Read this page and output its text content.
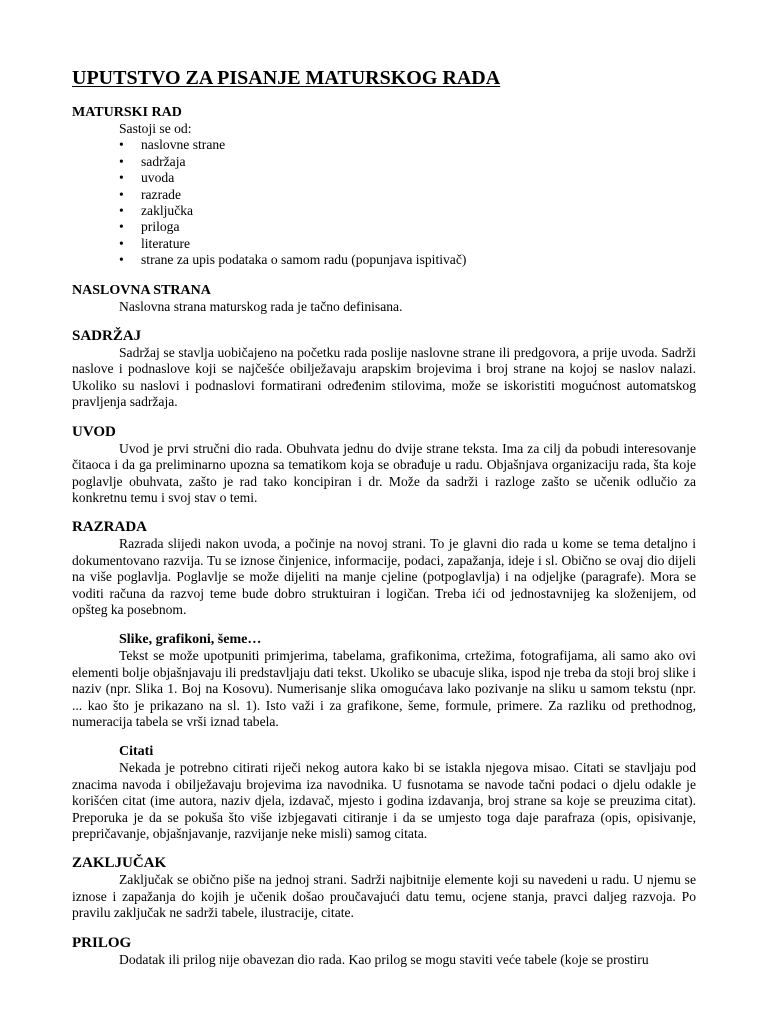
UPUTSTVO ZA PISANJE MATURSKOG RADA
MATURSKI RAD
Sastoji se od:
• naslovne strane
• sadržaja
• uvoda
• razrade
• zaključka
• priloga
• literature
• strane za upis podataka o samom radu (popunjava ispitivač)
NASLOVNA STRANA
Naslovna strana maturskog rada je tačno definisana.
SADRŽAJ

Sadržaj se stavlja uobičajeno na početku rada poslije naslovne strane ili predgovora, a prije uvoda. Sadrži naslove i podnaslove koji se najčešće obilježavaju arapskim brojevima i broj strane na kojoj se naslov nalazi. Ukoliko su naslovi i podnaslovi formatirani određenim stilovima, može se iskoristiti mogućnost automatskog pravljenja sadržaja.

UVOD

Uvod je prvi stručni dio rada. Obuhvata jednu do dvije strane teksta. Ima za cilj da pobudi interesovanje čitaoca i da ga preliminarno upozna sa tematikom koja se obrađuje u radu. Objašnjava organizaciju rada, šta koje poglavlje obuhvata, zašto je rad tako koncipiran i dr. Može da sadrži i razloge zašto se učenik odlučio za konkretnu temu i svoj stav o temi.

RAZRADA

Razrada slijedi nakon uvoda, a počinje na novoj strani. To je glavni dio rada u kome se tema detaljno i dokumentovano razvija. Tu se iznose činjenice, informacije, podaci, zapažanja, ideje i sl. Obično se ovaj dio dijeli na više poglavlja. Poglavlje se može dijeliti na manje cjeline (potpoglavlja) i na odjeljke (paragrafe). Mora se voditi računa da razvoj teme bude dobro struktuiran i logičan. Treba ići od jednostavnijeg ka složenijem, od opšteg ka posebnom.

Slike, grafikoni, šeme…

Tekst se može upotpuniti primjerima, tabelama, grafikonima, crtežima, fotografijama, ali samo ako ovi elementi bolje objašnjavaju ili predstavljaju dati tekst. Ukoliko se ubacuje slika, ispod nje treba da stoji broj slike i naziv (npr. Slika 1. Boj na Kosovu). Numerisanje slika omogućava lako pozivanje na sliku u samom tekstu (npr. ... kao što je prikazano na sl. 1). Isto važi i za grafikone, šeme, formule, primere. Za razliku od prethodnog, numeracija tabela se vrši iznad tabela.

Citati

Nekada je potrebno citirati riječi nekog autora kako bi se istakla njegova misao. Citati se stavljaju pod znacima navoda i obilježavaju brojevima iza navodnika. U fusnotama se navode tačni podaci o djelu odakle je korišćen citat (ime autora, naziv djela, izdavač, mjesto i godina izdavanja, broj strane sa koje se preuzima citat). Preporuka je da se pokuša što više izbjegavati citiranje i da se umjesto toga daje parafraza (opis, opisivanje, prepričavanje, objašnjavanje, razvijanje neke misli) samog citata.

ZAKLJUČAK

Zaključak se obično piše na jednoj strani. Sadrži najbitnije elemente koji su navedeni u radu. U njemu se iznose i zapažanja do kojih je učenik došao proučavajući datu temu, ocjene stanja, pravci daljeg razvoja. Po pravilu zaključak ne sadrži tabele, ilustracije, citate.

PRILOG

Dodatak ili prilog nije obavezan dio rada. Kao prilog se mogu staviti veće tabele (koje se prostiru
